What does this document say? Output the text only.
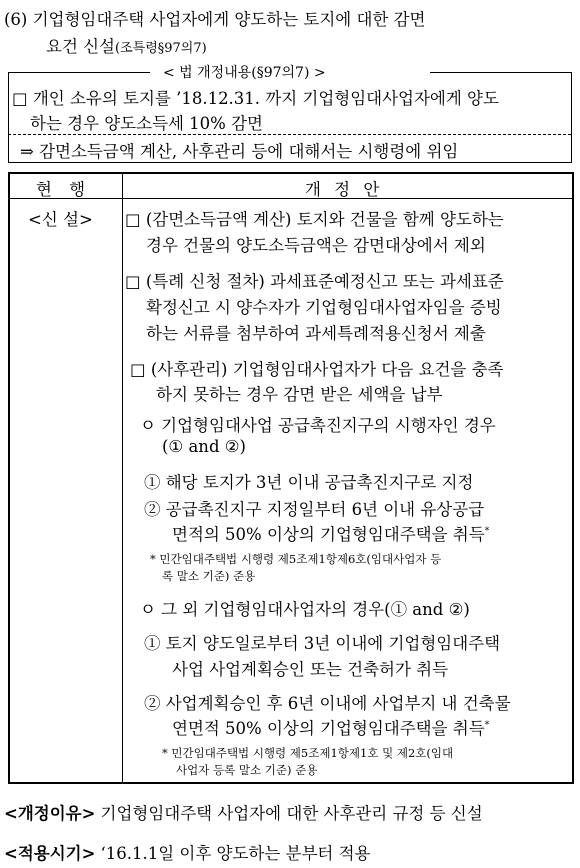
(6) 기업형임대주택 사업자에게 양도하는 토지에 대한 감면
요건 신설(조특령§97의7)
< 법 개정내용(§97의7) >
□ 개인 소유의 토지를 ’18.12.31. 까지 기업형임대사업자에게 양도
하는 경우 양도소득세 10% 감면
⇒ 감면소득금액 계산, 사후관리 등에 대해서는 시행령에 위임
현 행	개 정 안
<신 설> □ (감면소득금액 계산) 토지와 건물을 함께 양도하는
경우 건물의 양도소득금액은 감면대상에서 제외
□ (특례 신청 절차) 과세표준예정신고 또는 과세표준
확정신고 시 양수자가 기업형임대사업자임을 증빙
하는 서류를 첨부하여 과세특례적용신청서 제출
□ (사후관리) 기업형임대사업자가 다음 요건을 충족
하지 못하는 경우 감면 받은 세액을 납부
ㅇ 기업형임대사업 공급촉진지구의 시행자인 경우
(① and ②)
① 해당 토지가 3년 이내 공급촉진지구로 지정
② 공급촉진지구 지정일부터 6년 이내 유상공급
면적의 50% 이상의 기업형임대주택을 취득*
* 민간임대주택법 시행령 제5조제1항제6호(임대사업자 등
록 말소 기준) 준용
ㅇ 그 외 기업형임대사업자의 경우(① and ②)
① 토지 양도일로부터 3년 이내에 기업형임대주택
사업 사업계획승인 또는 건축허가 취득
② 사업계획승인 후 6년 이내에 사업부지 내 건축물
연면적 50% 이상의 기업형임대주택을 취득*
* 민간임대주택법 시행령 제5조제1항제1호 및 제2호(임대
사업자 등록 말소 기준) 준용
<개정이유> 기업형임대주택 사업자에 대한 사후관리 규정 등 신설
<적용시기> ‘16.1.1일 이후 양도하는 분부터 적용
